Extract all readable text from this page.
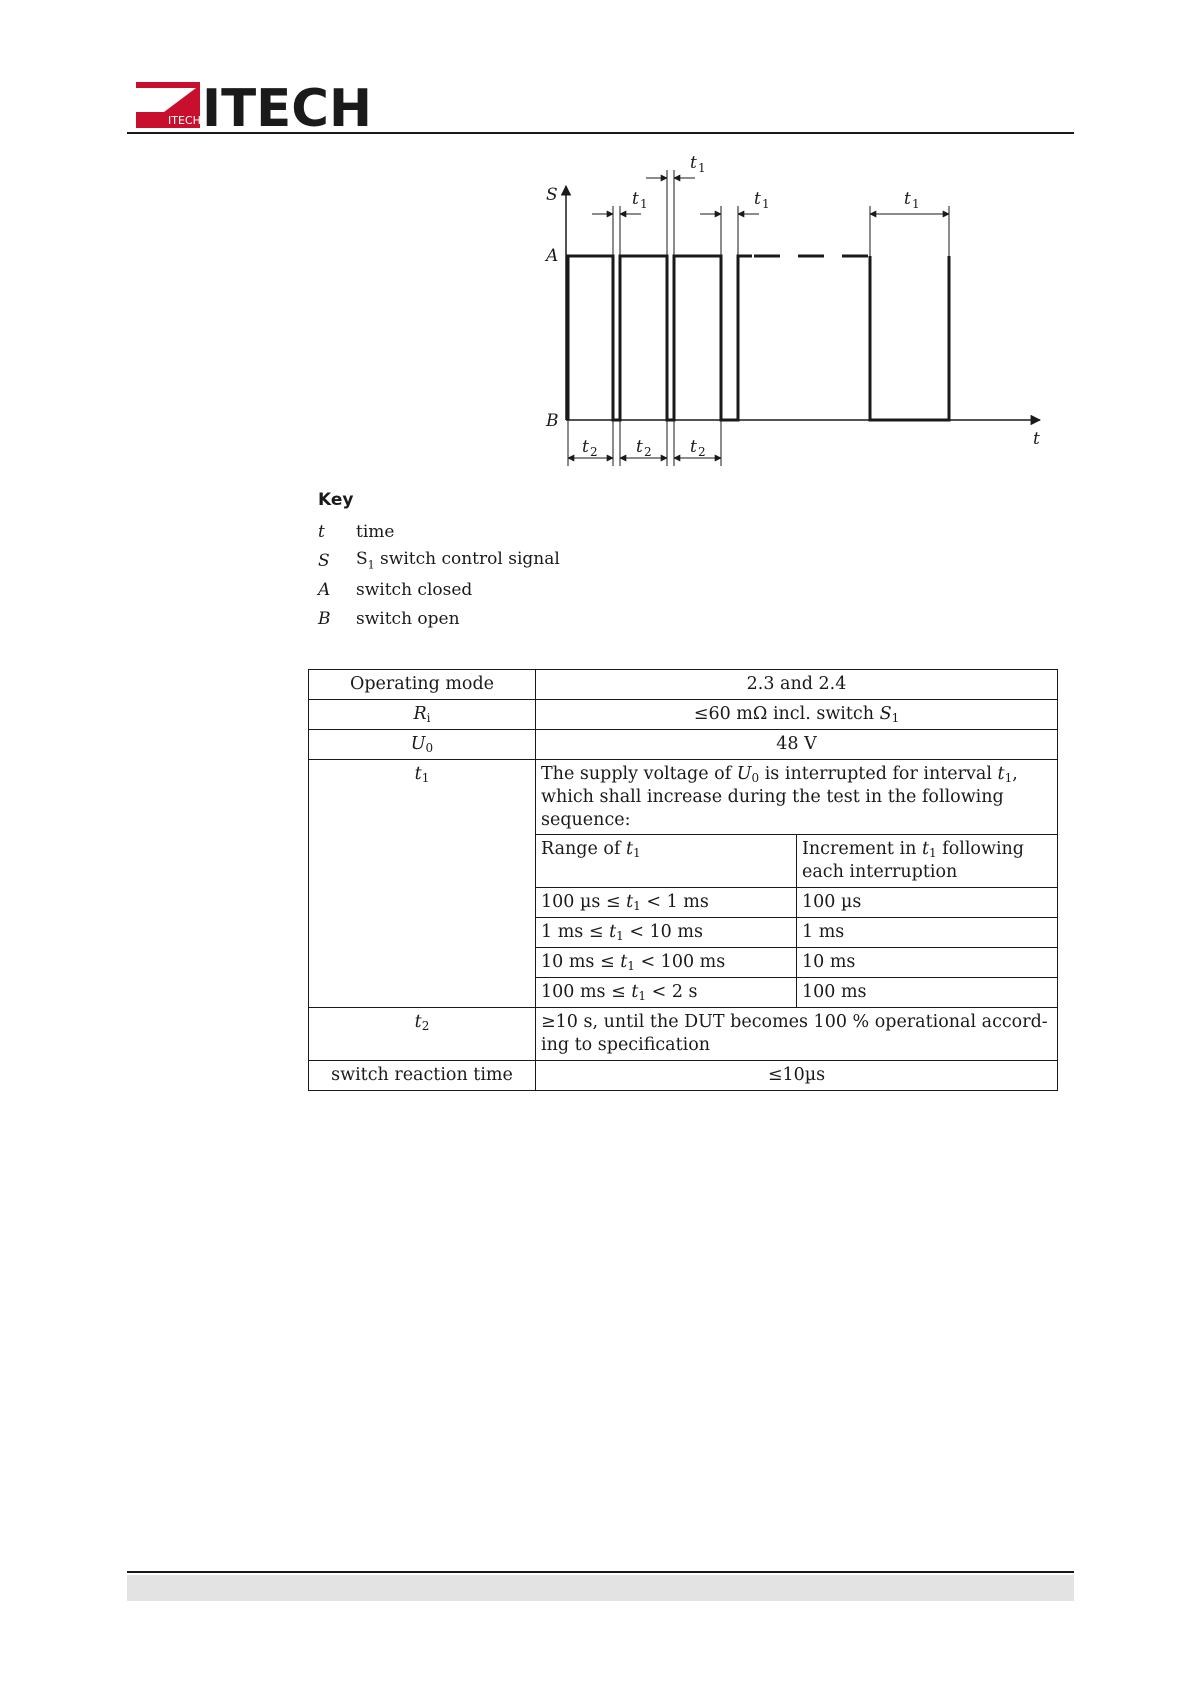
ITECH ITECH
S
t
A
B
t 1
t 1	t 1	t 1
t 2 t 2 t 2
Key
t	time
S	$S_1$ switch control signal
A	switch closed
B	switch open
Operating mode	2.3 and 2.4
$R_i$	≤60 mΩ incl. switch $S_1$
$U_0$	48 V
$t_1$	The supply voltage of $U_0$ is interrupted for interval $t_1$, which shall increase during the test in the following sequence:
Range of $t_1$	Increment in $t_1$ following each interruption
100 $\mu s \le t_1 < 1$ ms	100 µs
1 ms ≤ $t_1 < 10$ ms	1 ms
10 ms ≤ $t_1 < 100$ ms	10 ms
100 ms ≤ $t_1 < 2$ s	100 ms

$t_2$	≥10 s, until the DUT becomes 100 % operational accord-ing to specification
switch reaction time	≤10µs
